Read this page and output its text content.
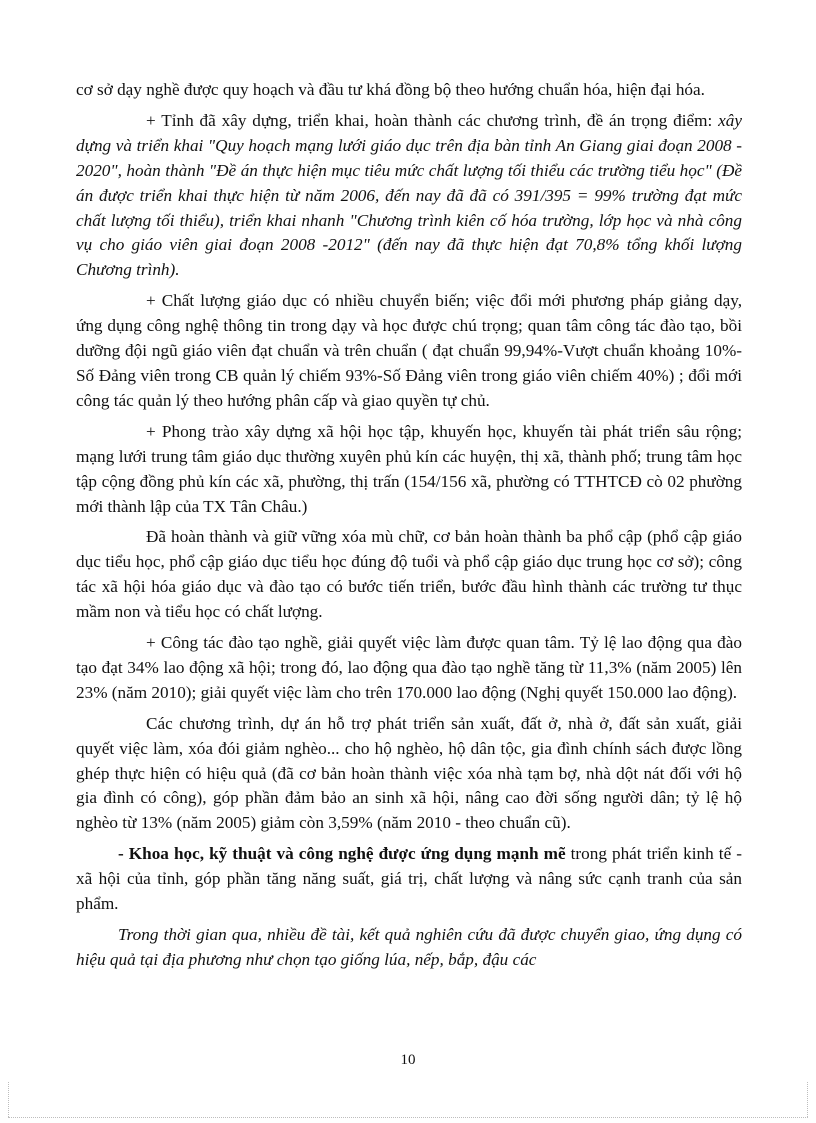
cơ sở dạy nghề được quy hoạch và đầu tư khá đồng bộ theo hướng chuẩn hóa, hiện đại hóa.

+ Tỉnh đã xây dựng, triển khai, hoàn thành các chương trình, đề án trọng điểm: xây dựng và triển khai "Quy hoạch mạng lưới giáo dục trên địa bàn tỉnh An Giang giai đoạn 2008 - 2020", hoàn thành "Đề án thực hiện mục tiêu mức chất lượng tối thiểu các trường tiểu học" (Đề án được triển khai thực hiện từ năm 2006, đến nay đã đã có 391/395 = 99% trường đạt mức chất lượng tối thiểu), triển khai nhanh "Chương trình kiên cố hóa trường, lớp học và nhà công vụ cho giáo viên giai đoạn 2008 -2012" (đến nay đã thực hiện đạt 70,8% tổng khối lượng Chương trình).

+ Chất lượng giáo dục có nhiều chuyển biến; việc đổi mới phương pháp giảng dạy, ứng dụng công nghệ thông tin trong dạy và học được chú trọng; quan tâm công tác đào tạo, bồi dưỡng đội ngũ giáo viên đạt chuẩn và trên chuẩn ( đạt chuẩn 99,94%-Vượt chuẩn khoảng 10%-Số Đảng viên trong CB quản lý chiếm 93%-Số Đảng viên trong giáo viên chiếm 40%) ; đổi mới công tác quản lý theo hướng phân cấp và giao quyền tự chủ.

+ Phong trào xây dựng xã hội học tập, khuyến học, khuyến tài phát triển sâu rộng; mạng lưới trung tâm giáo dục thường xuyên phủ kín các huyện, thị xã, thành phố; trung tâm học tập cộng đồng phủ kín các xã, phường, thị trấn (154/156 xã, phường có TTHTCĐ cò 02 phường mới thành lập của TX Tân Châu.)

Đã hoàn thành và giữ vững xóa mù chữ, cơ bản hoàn thành ba phổ cập (phổ cập giáo dục tiểu học, phổ cập giáo dục tiểu học đúng độ tuổi và phổ cập giáo dục trung học cơ sở); công tác xã hội hóa giáo dục và đào tạo có bước tiến triển, bước đầu hình thành các trường tư thục mầm non và tiểu học có chất lượng.

+ Công tác đào tạo nghề, giải quyết việc làm được quan tâm. Tỷ lệ lao động qua đào tạo đạt 34% lao động xã hội; trong đó, lao động qua đào tạo nghề tăng từ 11,3% (năm 2005) lên 23% (năm 2010); giải quyết việc làm cho trên 170.000 lao động (Nghị quyết 150.000 lao động).

Các chương trình, dự án hỗ trợ phát triển sản xuất, đất ở, nhà ở, đất sản xuất, giải quyết việc làm, xóa đói giảm nghèo... cho hộ nghèo, hộ dân tộc, gia đình chính sách được lồng ghép thực hiện có hiệu quả (đã cơ bản hoàn thành việc xóa nhà tạm bợ, nhà dột nát đối với hộ gia đình có công), góp phần đảm bảo an sinh xã hội, nâng cao đời sống người dân; tỷ lệ hộ nghèo từ 13% (năm 2005) giảm còn 3,59% (năm 2010 - theo chuẩn cũ).

- Khoa học, kỹ thuật và công nghệ được ứng dụng mạnh mẽ trong phát triển kinh tế - xã hội của tỉnh, góp phần tăng năng suất, giá trị, chất lượng và nâng sức cạnh tranh của sản phẩm.

Trong thời gian qua, nhiều đề tài, kết quả nghiên cứu đã được chuyển giao, ứng dụng có hiệu quả tại địa phương như chọn tạo giống lúa, nếp, bắp, đậu các

10
